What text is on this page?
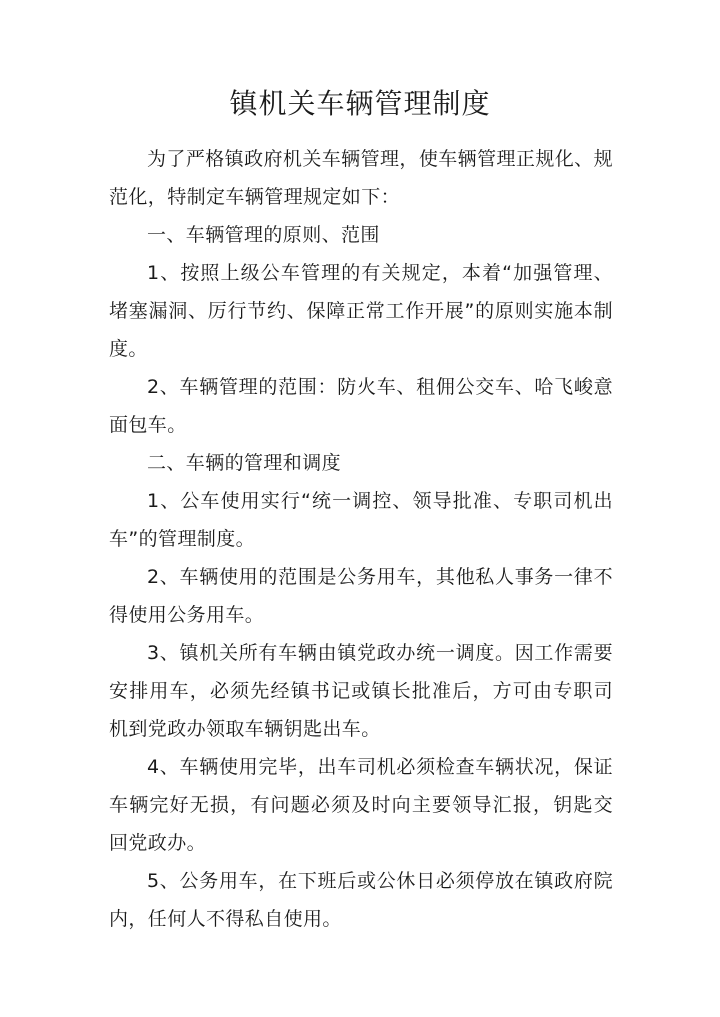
镇机关车辆管理制度

为了严格镇政府机关车辆管理，使车辆管理正规化、规范化，特制定车辆管理规定如下：

一、车辆管理的原则、范围

1、按照上级公车管理的有关规定，本着“加强管理、堵塞漏洞、厉行节约、保障正常工作开展”的原则实施本制度。

2、车辆管理的范围：防火车、租佣公交车、哈飞峻意面包车。

二、车辆的管理和调度

1、公车使用实行“统一调控、领导批准、专职司机出车”的管理制度。

2、车辆使用的范围是公务用车，其他私人事务一律不得使用公务用车。

3、镇机关所有车辆由镇党政办统一调度。因工作需要安排用车，必须先经镇书记或镇长批准后，方可由专职司机到党政办领取车辆钥匙出车。

4、车辆使用完毕，出车司机必须检查车辆状况，保证车辆完好无损，有问题必须及时向主要领导汇报，钥匙交回党政办。

5、公务用车，在下班后或公休日必须停放在镇政府院内，任何人不得私自使用。
